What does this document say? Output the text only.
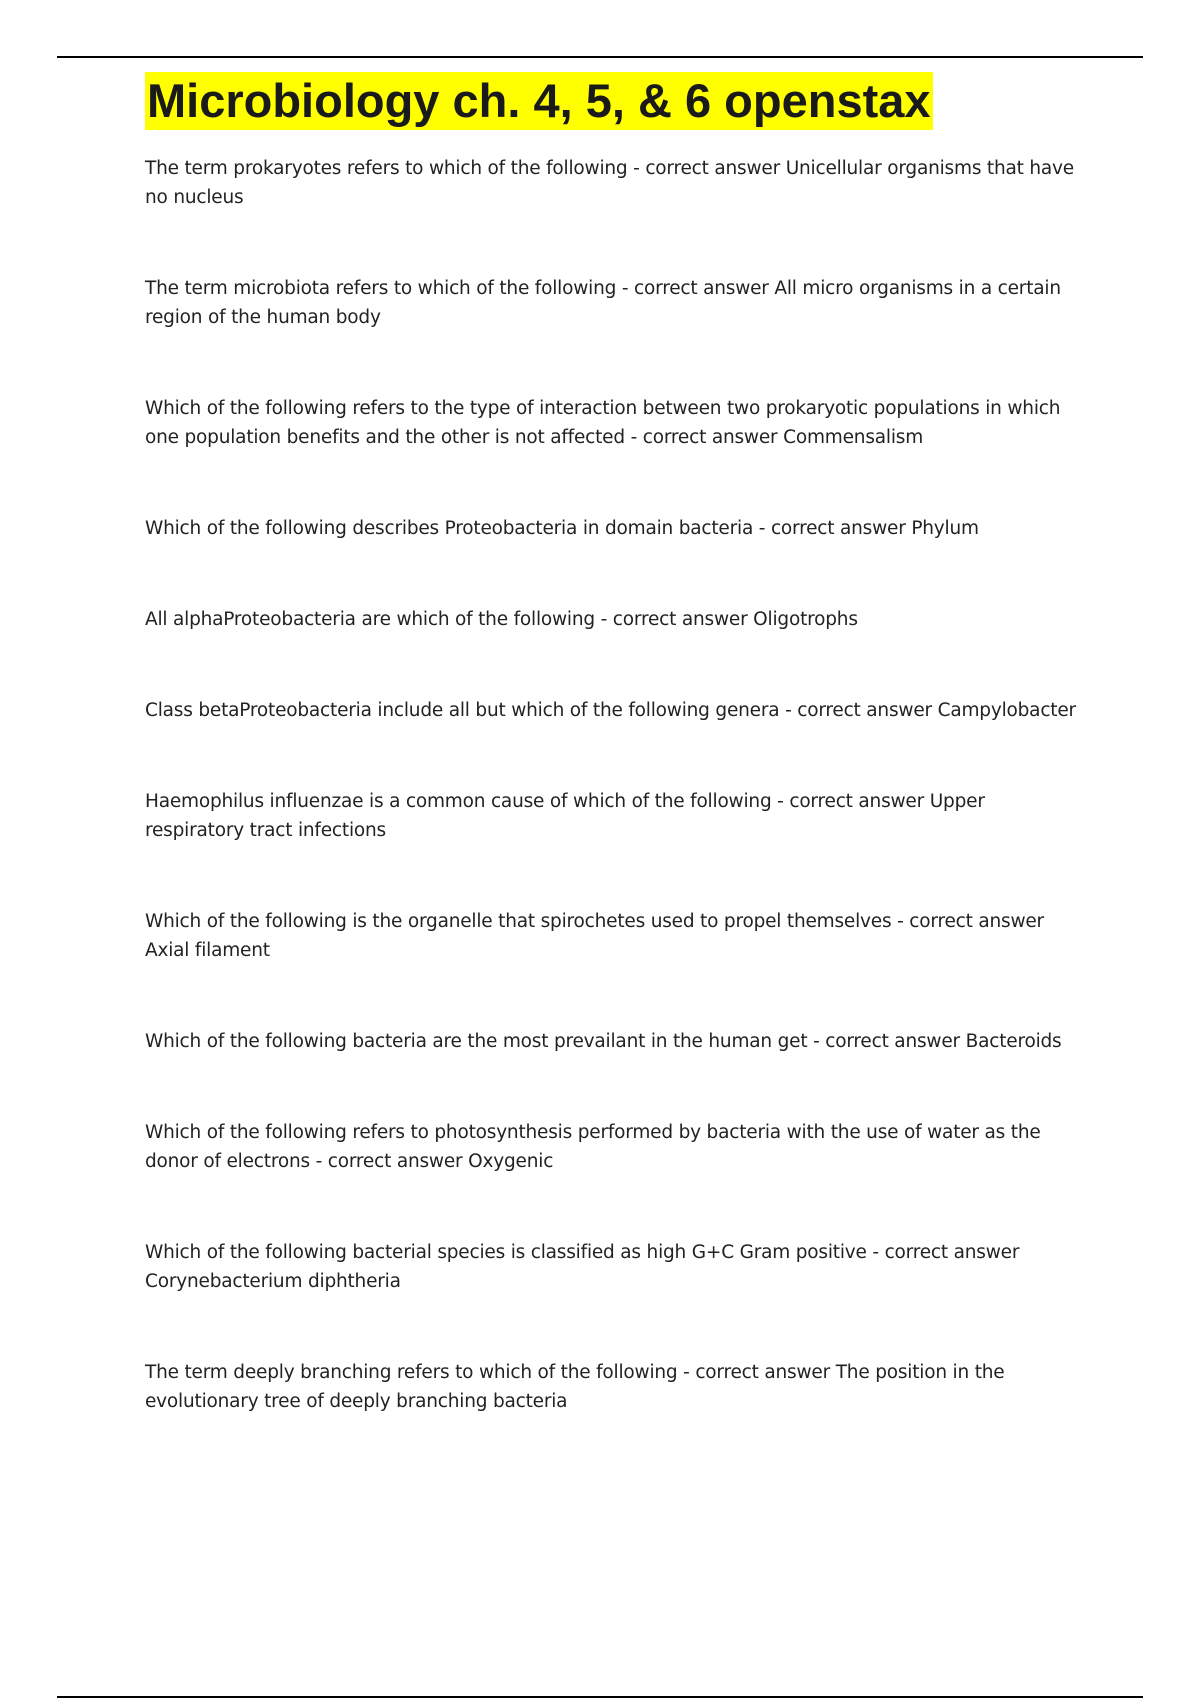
Microbiology ch. 4, 5, & 6 openstax
The term prokaryotes refers to which of the following - correct answer Unicellular organisms that have no nucleus
The term microbiota refers to which of the following - correct answer All micro organisms in a certain region of the human body
Which of the following refers to the type of interaction between two prokaryotic populations in which one population benefits and the other is not affected - correct answer Commensalism
Which of the following describes Proteobacteria in domain bacteria - correct answer Phylum
All alphaProteobacteria are which of the following - correct answer Oligotrophs
Class betaProteobacteria include all but which of the following genera - correct answer Campylobacter
Haemophilus influenzae is a common cause of which of the following - correct answer Upper respiratory tract infections
Which of the following is the organelle that spirochetes used to propel themselves - correct answer Axial filament
Which of the following bacteria are the most prevailant in the human get - correct answer Bacteroids
Which of the following refers to photosynthesis performed by bacteria with the use of water as the donor of electrons - correct answer Oxygenic
Which of the following bacterial species is classified as high G+C Gram positive - correct answer Corynebacterium diphtheria
The term deeply branching refers to which of the following - correct answer The position in the evolutionary tree of deeply branching bacteria
